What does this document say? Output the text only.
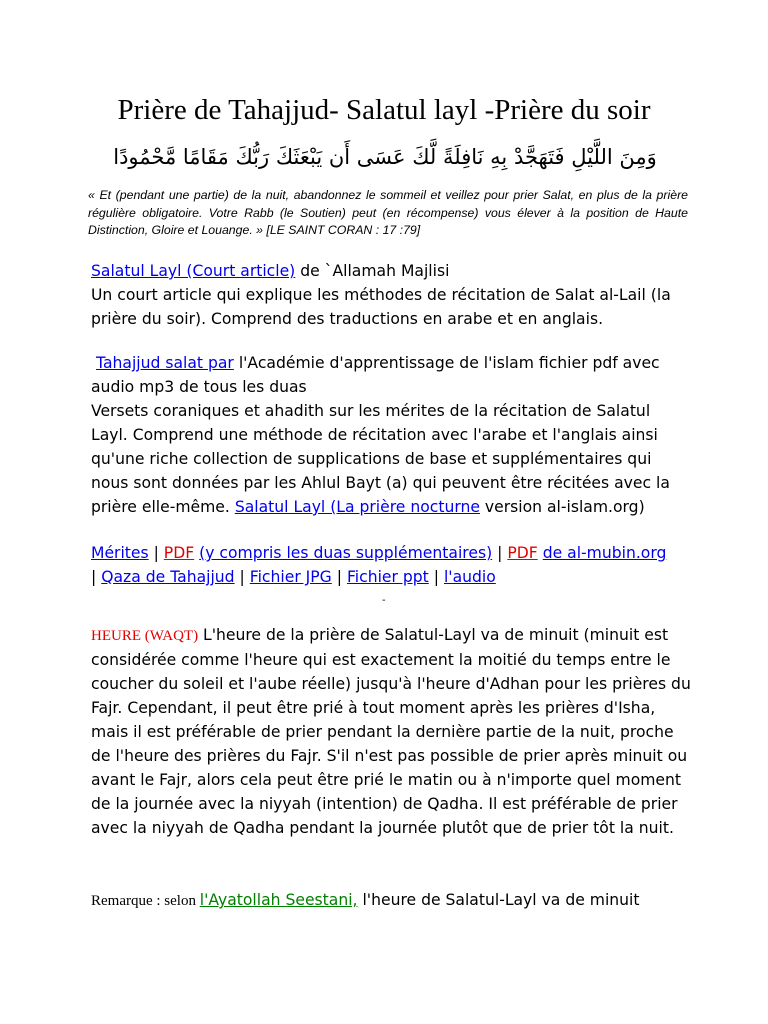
Prière de Tahajjud- Salatul layl -Prière du soir
وَمِنَ اللَّيْلِ فَتَهَجَّدْ بِهِ نَافِلَةً لَّكَ عَسَى أَن يَبْعَثَكَ رَبُّكَ مَقَامًا مَّحْمُودًا
« Et (pendant une partie) de la nuit, abandonnez le sommeil et veillez pour prier Salat, en plus de la prière régulière obligatoire. Votre Rabb (le Soutien) peut (en récompense) vous élever à la position de Haute Distinction, Gloire et Louange. » [LE SAINT CORAN : 17 :79]
Salatul Layl (Court article) de `Allamah Majlisi
Un court article qui explique les méthodes de récitation de Salat al-Lail (la prière du soir). Comprend des traductions en arabe et en anglais.
Tahajjud salat par l'Académie d'apprentissage de l'islam fichier pdf avec audio mp3 de tous les duas
Versets coraniques et ahadith sur les mérites de la récitation de Salatul Layl. Comprend une méthode de récitation avec l'arabe et l'anglais ainsi qu'une riche collection de supplications de base et supplémentaires qui nous sont données par les Ahlul Bayt (a) qui peuvent être récitées avec la prière elle-même. Salatul Layl (La prière nocturne version al-islam.org)
Mérites | PDF (y compris les duas supplémentaires) | PDF de al-mubin.org
| Qaza de Tahajjud | Fichier JPG | Fichier ppt | l'audio
-
HEURE (WAQT) L'heure de la prière de Salatul-Layl va de minuit (minuit est considérée comme l'heure qui est exactement la moitié du temps entre le coucher du soleil et l'aube réelle) jusqu'à l'heure d'Adhan pour les prières du Fajr. Cependant, il peut être prié à tout moment après les prières d'Isha, mais il est préférable de prier pendant la dernière partie de la nuit, proche de l'heure des prières du Fajr. S'il n'est pas possible de prier après minuit ou avant le Fajr, alors cela peut être prié le matin ou à n'importe quel moment de la journée avec la niyyah (intention) de Qadha. Il est préférable de prier avec la niyyah de Qadha pendant la journée plutôt que de prier tôt la nuit.
Remarque : selon l'Ayatollah Seestani, l'heure de Salatul-Layl va de minuit
